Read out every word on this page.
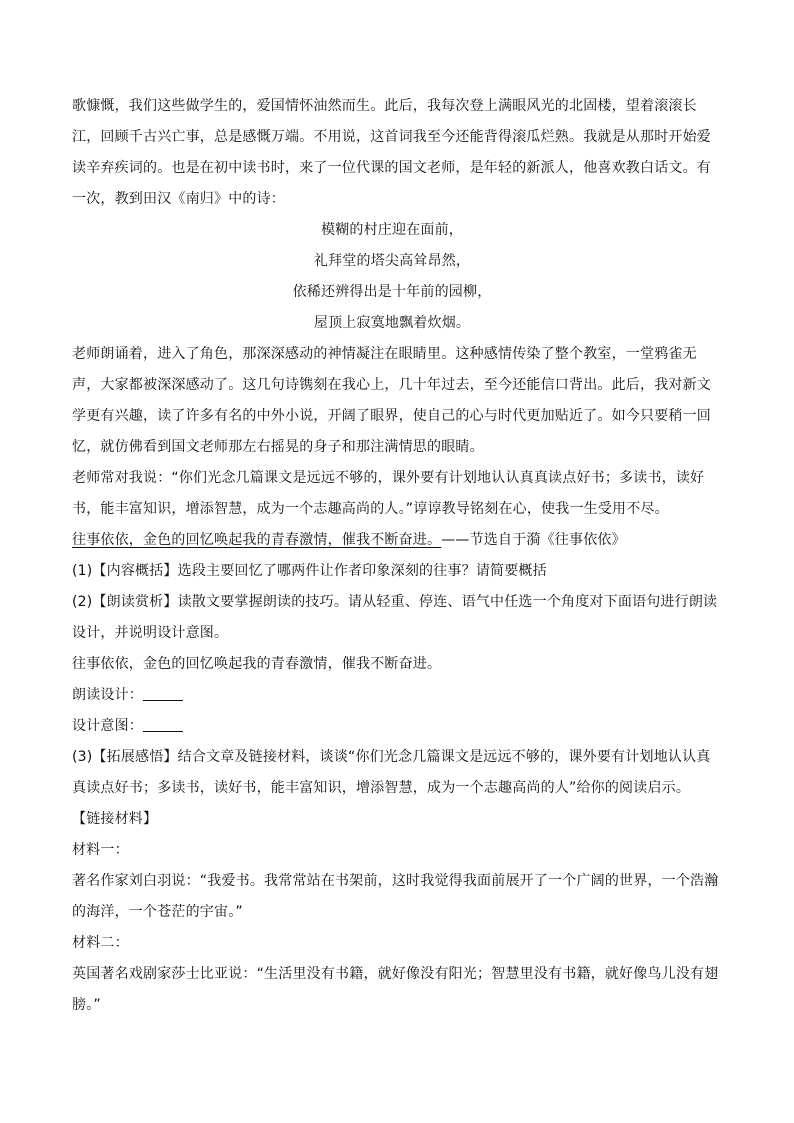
歌慷慨，我们这些做学生的，爱国情怀油然而生。此后，我每次登上满眼风光的北固楼，望着滚滚长江，回顾千古兴亡事，总是感慨万端。不用说，这首词我至今还能背得滚瓜烂熟。我就是从那时开始爱读辛弃疾词的。也是在初中读书时，来了一位代课的国文老师，是年轻的新派人，他喜欢教白话文。有一次，教到田汉《南归》中的诗：

模糊的村庄迎在面前，

礼拜堂的塔尖高耸昂然，

依稀还辨得出是十年前的园柳，

屋顶上寂寞地飘着炊烟。

老师朗诵着，进入了角色，那深深感动的神情凝注在眼睛里。这种感情传染了整个教室，一堂鸦雀无声，大家都被深深感动了。这几句诗镌刻在我心上，几十年过去，至今还能信口背出。此后，我对新文学更有兴趣，读了许多有名的中外小说，开阔了眼界，使自己的心与时代更加贴近了。如今只要稍一回忆，就仿佛看到国文老师那左右摇晃的身子和那注满情思的眼睛。

老师常对我说：“你们光念几篇课文是远远不够的，课外要有计划地认认真真读点好书；多读书，读好书，能丰富知识，增添智慧，成为一个志趣高尚的人。”谆谆教导铭刻在心，使我一生受用不尽。

往事依依，金色的回忆唤起我的青春激情，催我不断奋进。——节选自于漪《往事依依》

(1)【内容概括】选段主要回忆了哪两件让作者印象深刻的往事？请简要概括

(2)【朗读赏析】读散文要掌握朗读的技巧。请从轻重、停连、语气中任选一个角度对下面语句进行朗读设计，并说明设计意图。

往事依依，金色的回忆唤起我的青春激情，催我不断奋进。

朗读设计：

设计意图：

(3)【拓展感悟】结合文章及链接材料，谈谈“你们光念几篇课文是远远不够的，课外要有计划地认认真真读点好书；多读书，读好书，能丰富知识，增添智慧，成为一个志趣高尚的人”给你的阅读启示。

【链接材料】

材料一：

著名作家刘白羽说：“我爱书。我常常站在书架前，这时我觉得我面前展开了一个广阔的世界，一个浩瀚的海洋，一个苍茫的宇宙。”

材料二：

英国著名戏剧家莎士比亚说：“生活里没有书籍，就好像没有阳光；智慧里没有书籍，就好像鸟儿没有翅膀。”
